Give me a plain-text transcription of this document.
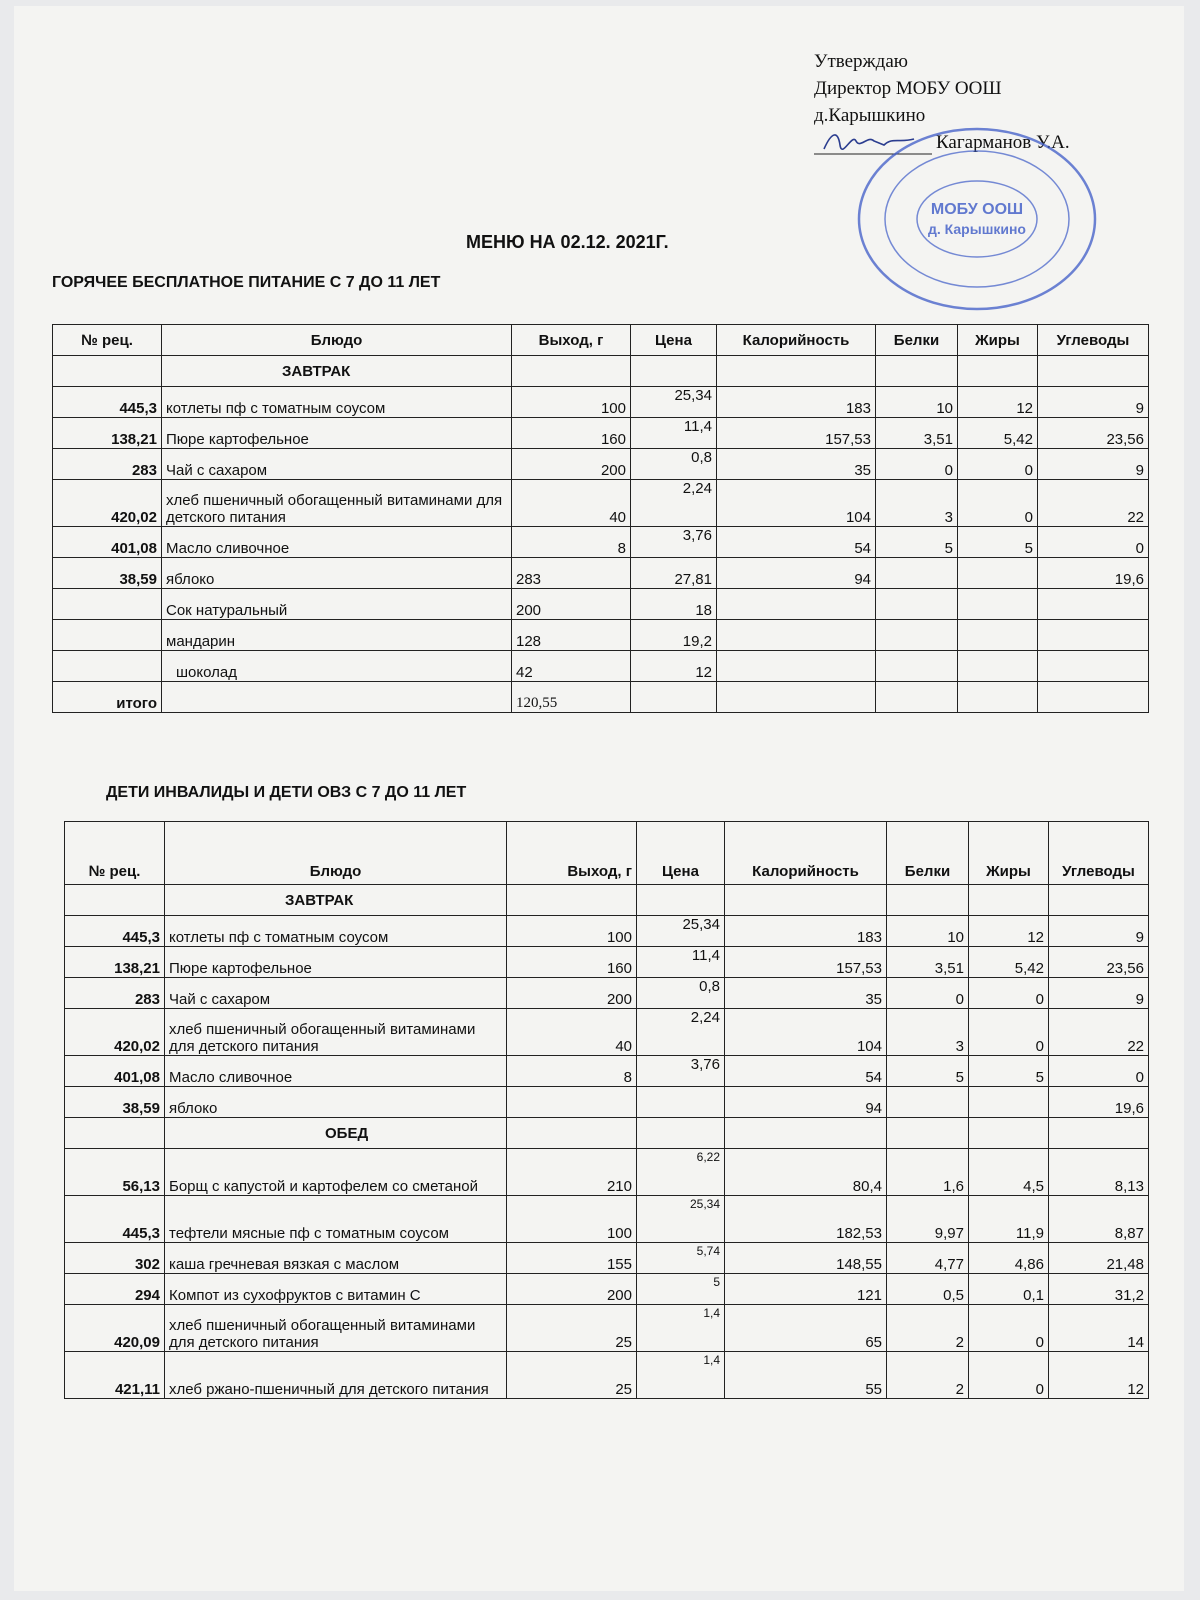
Утверждаю
Директор МОБУ ООШ
д.Карышкино
Кагарманов У.А.
МОБУ ООШ
д. Карышкино
МЕНЮ НА 02.12. 2021Г.
ГОРЯЧЕЕ БЕСПЛАТНОЕ ПИТАНИЕ С 7 ДО 11 ЛЕТ
№ рец.	Блюдо	Выход, г	Цена	Калорийность	Белки	Жиры	Углеводы
	ЗАВТРАК						
445,3	котлеты пф с томатным соусом	100	25,34	183	10	12	9
138,21	Пюре картофельное	160	11,4	157,53	3,51	5,42	23,56
283	Чай с сахаром	200	0,8	35	0	0	9
420,02	хлеб пшеничный обогащенный витаминами для детского питания	40	2,24	104	3	0	22
401,08	Масло сливочное	8	3,76	54	5	5	0
38,59	яблоко	283	27,81	94			19,6
	Сок натуральный	200	18				
	мандарин	128	19,2				
	шоколад	42	12				
итого		120,55					
ДЕТИ ИНВАЛИДЫ И ДЕТИ ОВЗ С 7 ДО 11 ЛЕТ
№ рец.	Блюдо	Выход, г	Цена	Калорийность	Белки	Жиры	Углеводы
	ЗАВТРАК						
445,3	котлеты пф с томатным соусом	100	25,34	183	10	12	9
138,21	Пюре картофельное	160	11,4	157,53	3,51	5,42	23,56
283	Чай с сахаром	200	0,8	35	0	0	9
420,02	хлеб пшеничный обогащенный витаминами для детского питания	40	2,24	104	3	0	22
401,08	Масло сливочное	8	3,76	54	5	5	0
38,59	яблоко			94			19,6
	ОБЕД						
56,13	Борщ с капустой и картофелем со сметаной	210	6,22	80,4	1,6	4,5	8,13
445,3	тефтели мясные пф с томатным соусом	100	25,34	182,53	9,97	11,9	8,87
302	каша гречневая вязкая с маслом	155	5,74	148,55	4,77	4,86	21,48
294	Компот из сухофруктов с витамин С	200	5	121	0,5	0,1	31,2
420,09	хлеб пшеничный обогащенный витаминами для детского питания	25	1,4	65	2	0	14
421,11	хлеб ржано-пшеничный для детского питания	25	1,4	55	2	0	12
